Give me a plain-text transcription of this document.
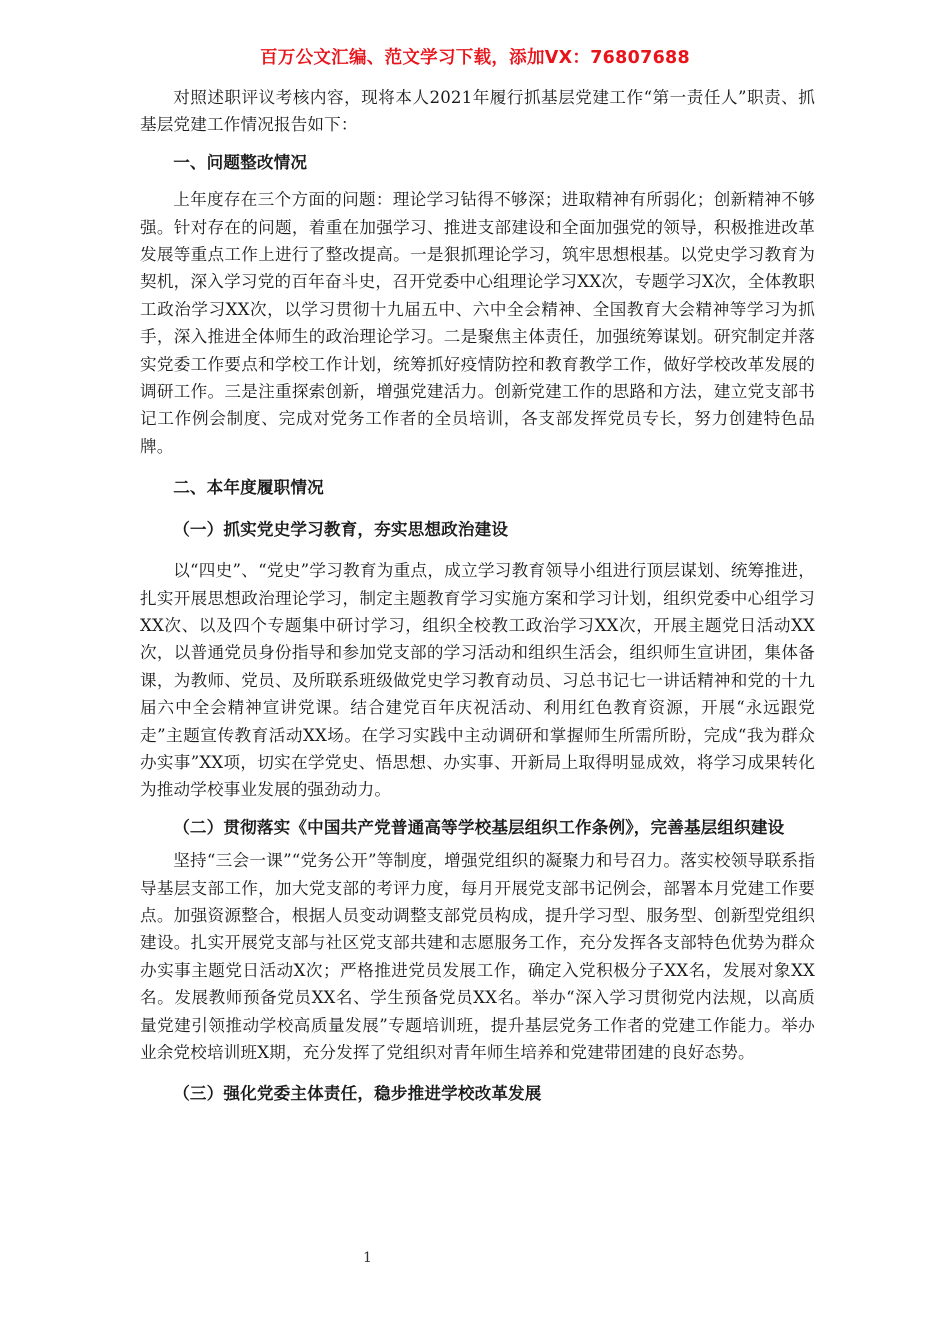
百万公文汇编、范文学习下载，添加VX：76807688

对照述职评议考核内容，现将本人2021年履行抓基层党建工作“第一责任人”职责、抓基层党建工作情况报告如下：

一、问题整改情况

上年度存在三个方面的问题：理论学习钻得不够深；进取精神有所弱化；创新精神不够强。针对存在的问题，着重在加强学习、推进支部建设和全面加强党的领导，积极推进改革发展等重点工作上进行了整改提高。一是狠抓理论学习，筑牢思想根基。以党史学习教育为契机，深入学习党的百年奋斗史，召开党委中心组理论学习XX次，专题学习X次，全体教职工政治学习XX次，以学习贯彻十九届五中、六中全会精神、全国教育大会精神等学习为抓手，深入推进全体师生的政治理论学习。二是聚焦主体责任，加强统筹谋划。研究制定并落实党委工作要点和学校工作计划，统筹抓好疫情防控和教育教学工作，做好学校改革发展的调研工作。三是注重探索创新，增强党建活力。创新党建工作的思路和方法，建立党支部书记工作例会制度、完成对党务工作者的全员培训，各支部发挥党员专长，努力创建特色品牌。

二、本年度履职情况
（一）抓实党史学习教育，夯实思想政治建设

以“四史”、“党史”学习教育为重点，成立学习教育领导小组进行顶层谋划、统筹推进，扎实开展思想政治理论学习，制定主题教育学习实施方案和学习计划，组织党委中心组学习XX次、以及四个专题集中研讨学习，组织全校教工政治学习XX次，开展主题党日活动XX次，以普通党员身份指导和参加党支部的学习活动和组织生活会，组织师生宣讲团，集体备课，为教师、党员、及所联系班级做党史学习教育动员、习总书记七一讲话精神和党的十九届六中全会精神宣讲党课。结合建党百年庆祝活动、利用红色教育资源，开展“永远跟党走”主题宣传教育活动XX场。在学习实践中主动调研和掌握师生所需所盼，完成“我为群众办实事”XX项，切实在学党史、悟思想、办实事、开新局上取得明显成效，将学习成果转化为推动学校事业发展的强劲动力。

（二）贯彻落实《中国共产党普通高等学校基层组织工作条例》，完善基层组织建设

坚持“三会一课”“党务公开”等制度，增强党组织的凝聚力和号召力。落实校领导联系指导基层支部工作，加大党支部的考评力度，每月开展党支部书记例会，部署本月党建工作要点。加强资源整合，根据人员变动调整支部党员构成，提升学习型、服务型、创新型党组织建设。扎实开展党支部与社区党支部共建和志愿服务工作，充分发挥各支部特色优势为群众办实事主题党日活动X次；严格推进党员发展工作，确定入党积极分子XX名，发展对象XX名。发展教师预备党员XX名、学生预备党员XX名。举办“深入学习贯彻党内法规，以高质量党建引领推动学校高质量发展”专题培训班，提升基层党务工作者的党建工作能力。举办业余党校培训班X期，充分发挥了党组织对青年师生培养和党建带团建的良好态势。

（三）强化党委主体责任，稳步推进学校改革发展
1
